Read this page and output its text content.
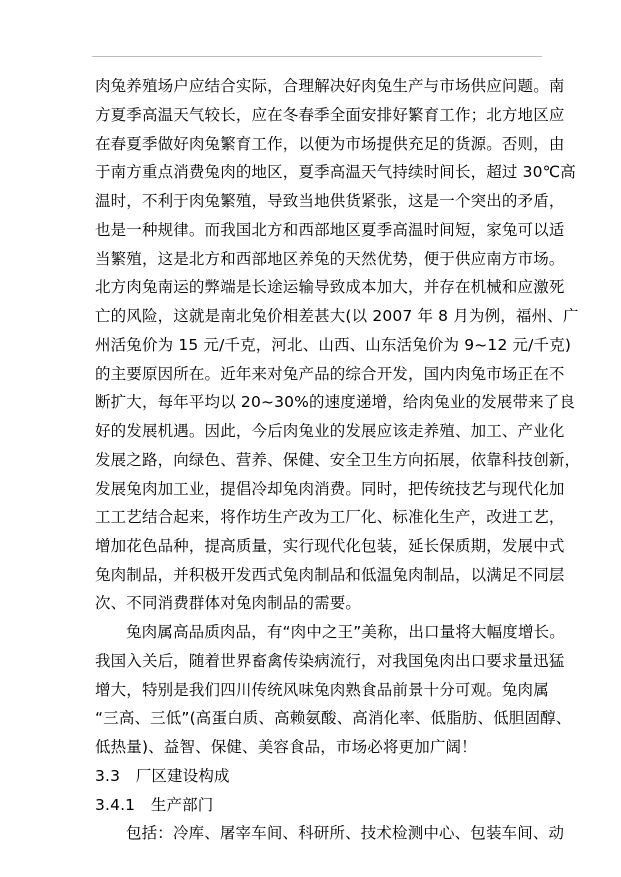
肉兔养殖场户应结合实际，合理解决好肉兔生产与市场供应问题。南
方夏季高温天气较长，应在冬春季全面安排好繁育工作；北方地区应
在春夏季做好肉兔繁育工作，以便为市场提供充足的货源。否则，由
于南方重点消费兔肉的地区，夏季高温天气持续时间长，超过 30℃高
温时，不利于肉兔繁殖，导致当地供货紧张，这是一个突出的矛盾，
也是一种规律。而我国北方和西部地区夏季高温时间短，家兔可以适
当繁殖，这是北方和西部地区养兔的天然优势，便于供应南方市场。
北方肉兔南运的弊端是长途运输导致成本加大，并存在机械和应激死
亡的风险，这就是南北兔价相差甚大(以 2007 年 8 月为例，福州、广
州活兔价为 15 元/千克，河北、山西、山东活兔价为 9~12 元/千克)
的主要原因所在。近年来对兔产品的综合开发，国内肉兔市场正在不
断扩大，每年平均以 20~30%的速度递增，给肉兔业的发展带来了良
好的发展机遇。因此，今后肉兔业的发展应该走养殖、加工、产业化
发展之路，向绿色、营养、保健、安全卫生方向拓展，依靠科技创新，
发展兔肉加工业，提倡冷却兔肉消费。同时，把传统技艺与现代化加
工工艺结合起来，将作坊生产改为工厂化、标准化生产，改进工艺，
增加花色品种，提高质量，实行现代化包装，延长保质期，发展中式
兔肉制品，并积极开发西式兔肉制品和低温兔肉制品，以满足不同层
次、不同消费群体对兔肉制品的需要。
兔肉属高品质肉品，有“肉中之王”美称，出口量将大幅度增长。
我国入关后，随着世界畜禽传染病流行，对我国兔肉出口要求量迅猛
增大，特别是我们四川传统风味兔肉熟食品前景十分可观。兔肉属
“三高、三低”(高蛋白质、高赖氨酸、高消化率、低脂肪、低胆固醇、
低热量)、益智、保健、美容食品，市场必将更加广阔！
3.3　厂区建设构成
3.4.1　生产部门
包括：冷库、屠宰车间、科研所、技术检测中心、包装车间、动
